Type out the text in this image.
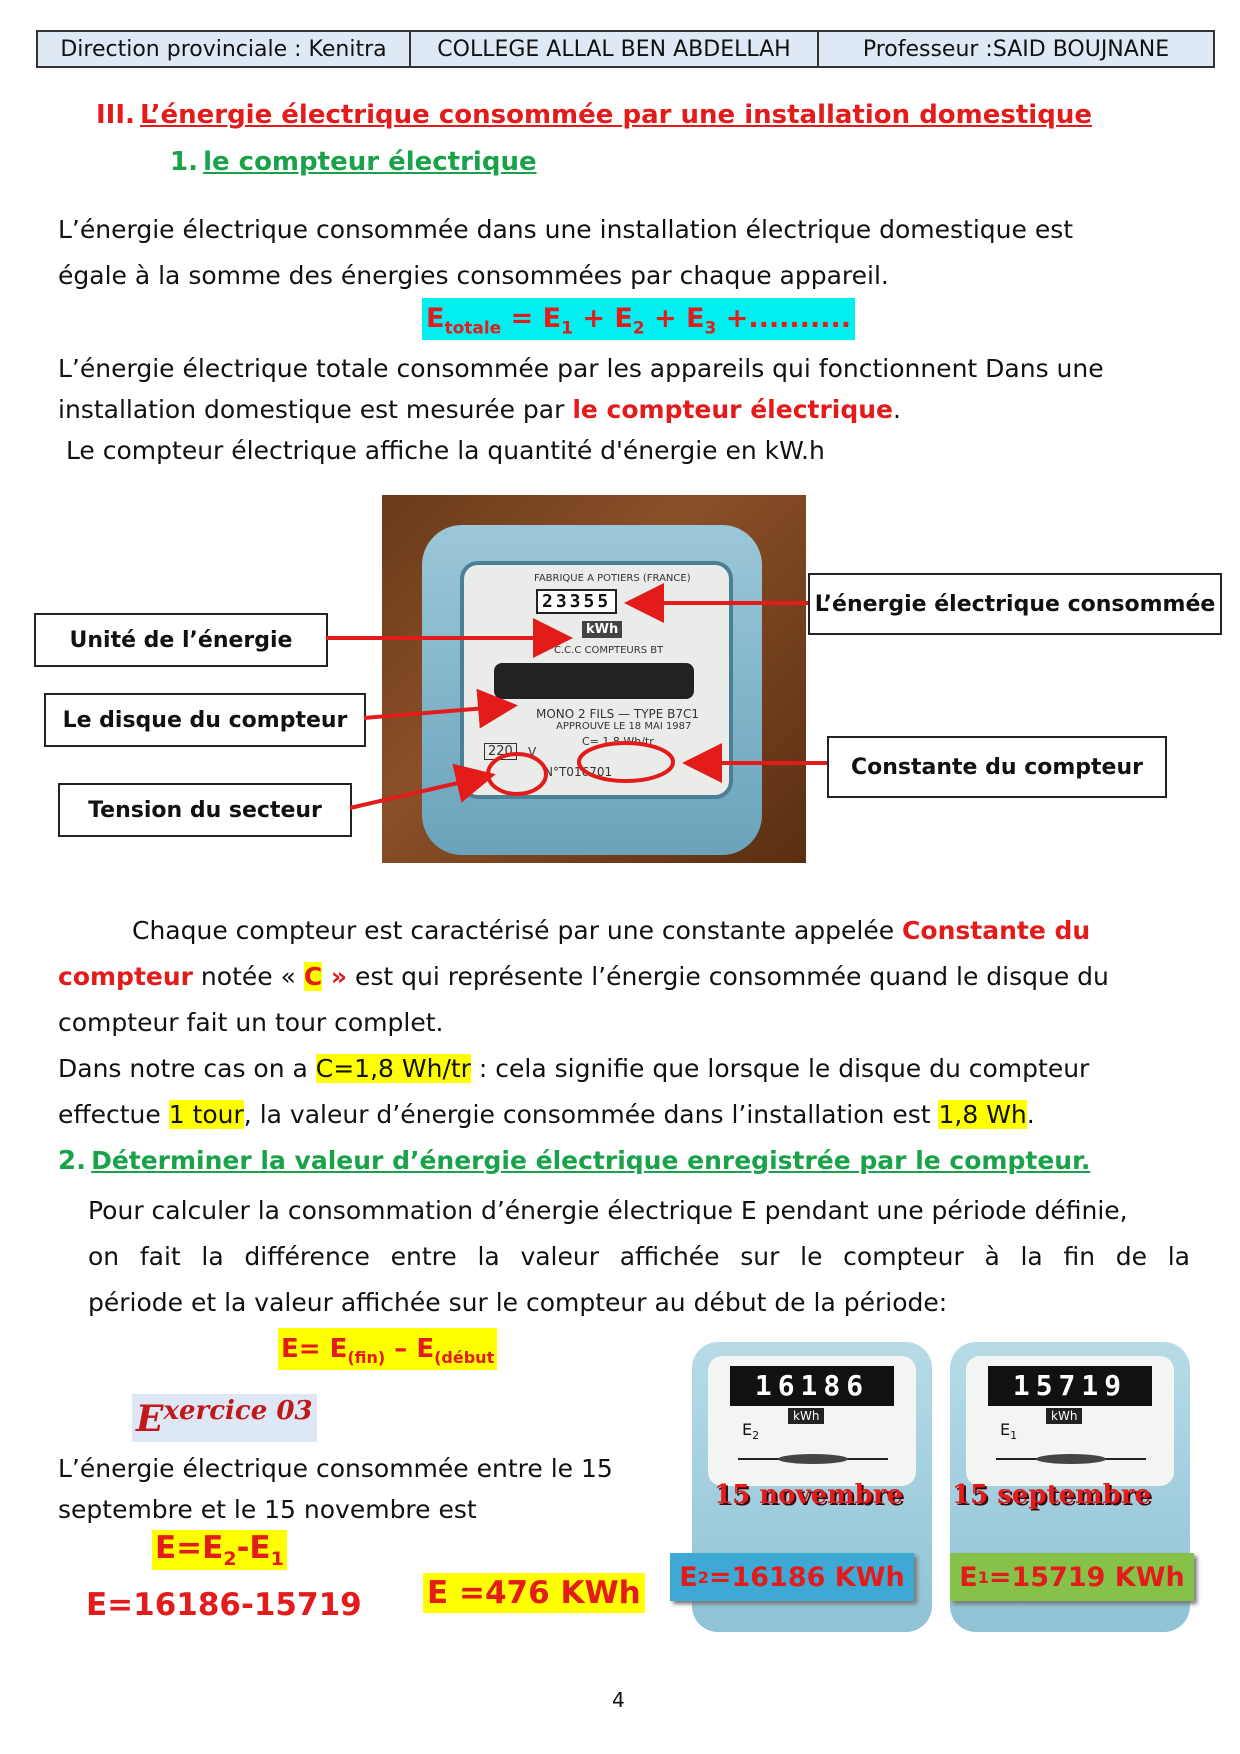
Direction provinciale : Kenitra	COLLEGE ALLAL BEN ABDELLAH	Professeur :SAID BOUJNANE
III. L’énergie électrique consommée par une installation domestique
1. le compteur électrique
L’énergie électrique consommée dans une installation électrique domestique est
égale à la somme des énergies consommées par chaque appareil.
$E_{totale} = E_1 + E_2 + E_3$ +..........
L’énergie électrique totale consommée par les appareils qui fonctionnent Dans une
installation domestique est mesurée par le compteur électrique.
Le compteur électrique affiche la quantité d'énergie en kW.h
FABRIQUE A POTIERS (FRANCE)
23355
kWh
C.C.C COMPTEURS BT
MONO 2 FILS — TYPE B7C1
APPROUVE LE 18 MAI 1987
220	V
C= 1,8 Wh/tr
N°T016701
L’énergie électrique consommée
Unité de l’énergie
Le disque du compteur
Constante du compteur
Tension du secteur
Chaque compteur est caractérisé par une constante appelée Constante du
compteur notée « C » est qui représente l’énergie consommée quand le disque du
compteur fait un tour complet.
Dans notre cas on a C=1,8 Wh/tr : cela signifie que lorsque le disque du compteur
effectue 1 tour, la valeur d’énergie consommée dans l’installation est 1,8 Wh.
2. Déterminer la valeur d’énergie électrique enregistrée par le compteur.
Pour calculer la consommation d’énergie électrique E pendant une période définie,
on fait la différence entre la valeur affichée sur le compteur à la fin de la
période et la valeur affichée sur le compteur au début de la période:
$E= E_{(fin)} - E_{(début}$
Exercice 03
L’énergie électrique consommée entre le 15
septembre et le 15 novembre est
$E=E_2-E_1$
E=16186-15719 E =476 KWh
16186
kWh
$E_2$
15719
kWh
$E_1$
15 novembre 15 septembre
E 2 =16186 KWh E 1 =15719 KWh
4
